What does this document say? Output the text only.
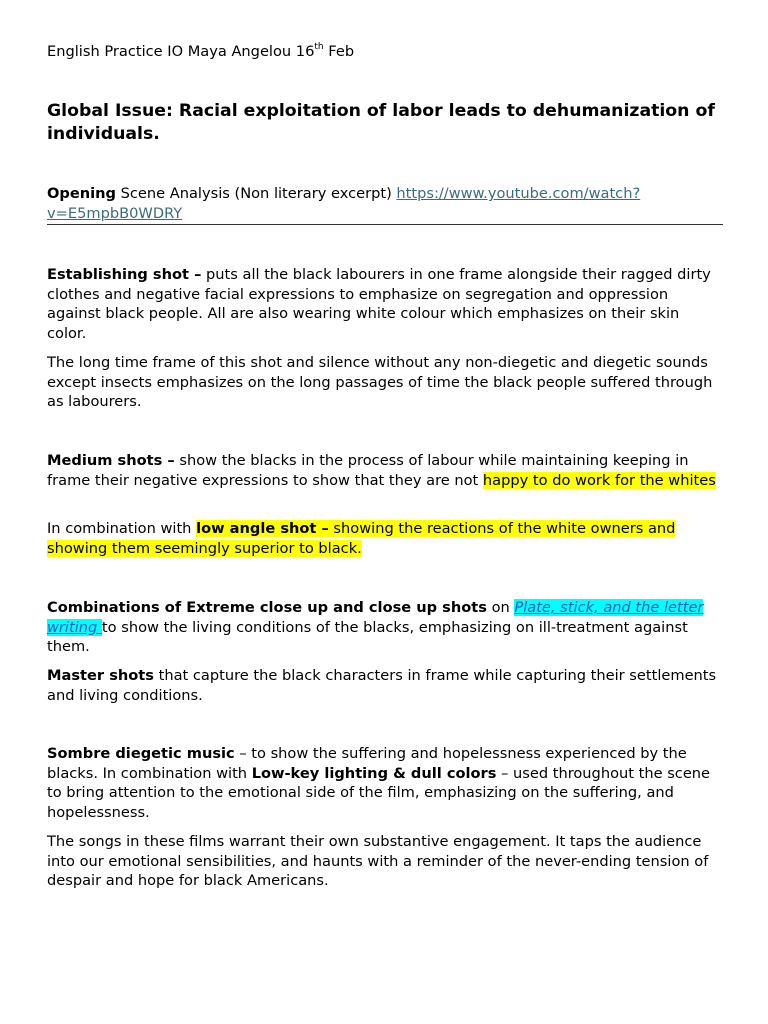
English Practice IO Maya Angelou 16th Feb

Global Issue: Racial exploitation of labor leads to dehumanization of individuals.

Opening Scene Analysis (Non literary excerpt) https://www.youtube.com/watch?v=E5mpbB0WDRY

Establishing shot – puts all the black labourers in one frame alongside their ragged dirty clothes and negative facial expressions to emphasize on segregation and oppression against black people. All are also wearing white colour which emphasizes on their skin color.

The long time frame of this shot and silence without any non-diegetic and diegetic sounds except insects emphasizes on the long passages of time the black people suffered through as labourers.

Medium shots – show the blacks in the process of labour while maintaining keeping in frame their negative expressions to show that they are not happy to do work for the whites

In combination with low angle shot – showing the reactions of the white owners and showing them seemingly superior to black.

Combinations of Extreme close up and close up shots on Plate, stick, and the letter writing to show the living conditions of the blacks, emphasizing on ill-treatment against them.

Master shots that capture the black characters in frame while capturing their settlements and living conditions.

Sombre diegetic music – to show the suffering and hopelessness experienced by the blacks. In combination with Low-key lighting & dull colors – used throughout the scene to bring attention to the emotional side of the film, emphasizing on the suffering, and hopelessness.

The songs in these films warrant their own substantive engagement. It taps the audience into our emotional sensibilities, and haunts with a reminder of the never-ending tension of despair and hope for black Americans.
